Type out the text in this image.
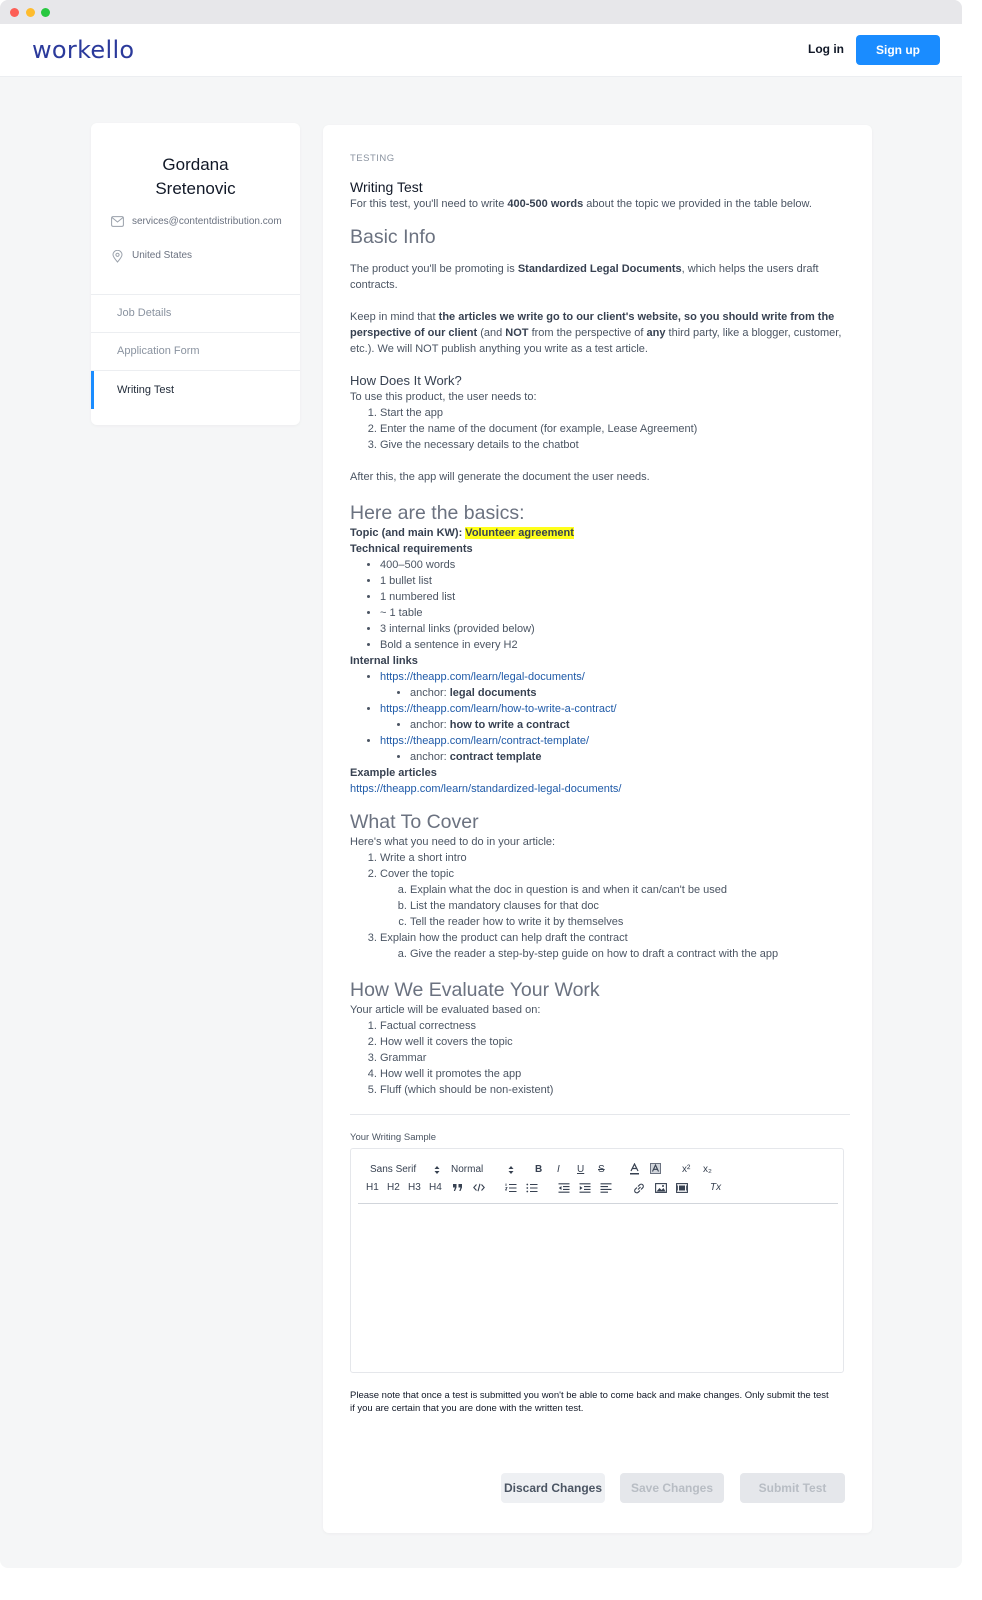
workello	Log in	Sign up
Gordana
Sretenovic
services@contentdistribution.com
United States
Job Details
Application Form
Writing Test
TESTING
Writing Test

For this test, you'll need to write 400-500 words about the topic we provided in the table below.

Basic Info

The product you'll be promoting is Standardized Legal Documents, which helps the users draft contracts.

Keep in mind that the articles we write go to our client's website, so you should write from the perspective of our client (and NOT from the perspective of any third party, like a blogger, customer, etc.). We will NOT publish anything you write as a test article.

How Does It Work?

To use this product, the user needs to:

1. Start the app
2. Enter the name of the document (for example, Lease Agreement)
3. Give the necessary details to the chatbot

After this, the app will generate the document the user needs.

Here are the basics:

Topic (and main KW): Volunteer agreement

Technical requirements

• 400–500 words
• 1 bullet list
• 1 numbered list
• ~ 1 table
• 3 internal links (provided below)
• Bold a sentence in every H2

Internal links

• https://theapp.com/learn/legal-documents/
• anchor: legal documents
• https://theapp.com/learn/how-to-write-a-contract/
• anchor: how to write a contract
• https://theapp.com/learn/contract-template/
• anchor: contract template

Example articles

https://theapp.com/learn/standardized-legal-documents/

What To Cover

Here's what you need to do in your article:

1. Write a short intro
2. Cover the topic
a. Explain what the doc in question is and when it can/can't be used
b. List the mandatory clauses for that doc
c. Tell the reader how to write it by themselves
3. Explain how the product can help draft the contract
a. Give the reader a step-by-step guide on how to draft a contract with the app
How We Evaluate Your Work

Your article will be evaluated based on:

1. Factual correctness
2. How well it covers the topic
3. Grammar
4. How well it promotes the app
5. Fluff (which should be non-existent)
Your Writing Sample
Sans Serif	Normal	B I U S	x² x₂
H1 H2 H3 H4	Tx
Please note that once a test is submitted you won't be able to come back and make changes. Only submit the test if you are certain that you are done with the written test.
Discard Changes	Save Changes	Submit Test
